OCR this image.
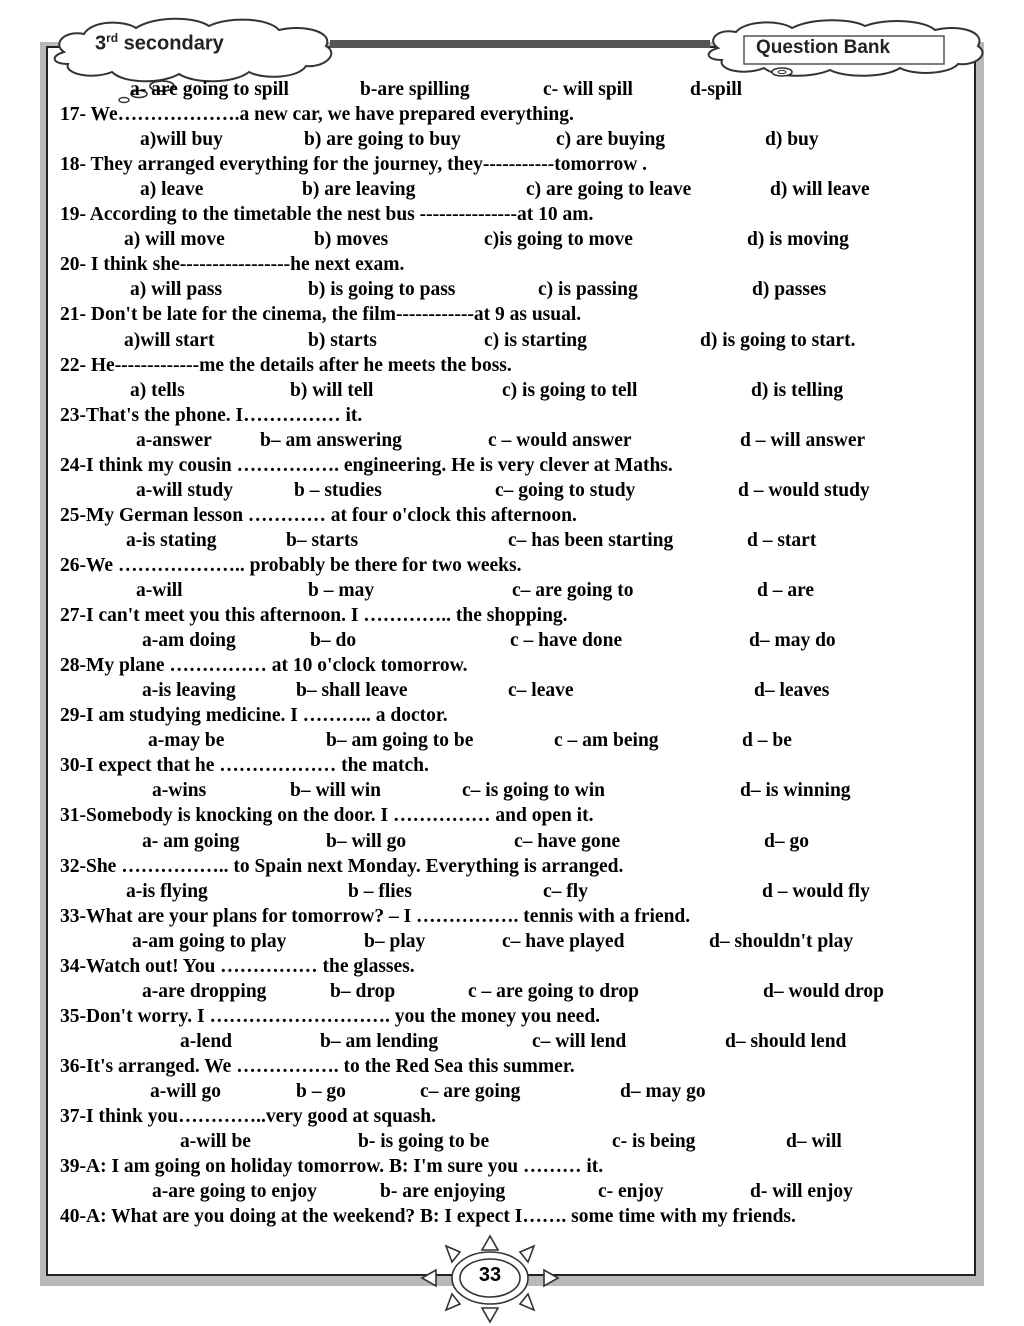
3rd secondary	Question Bank
a- are going to spill	b-are spilling	c- will spill	d-spill
17- We……………….a new car, we have prepared everything.
a)will buy	b) are going to buy	c) are buying	d) buy
18- They arranged everything for the journey, they-----------tomorrow .
a) leave	b) are leaving	c) are going to leave	d) will leave
19- According to the timetable the nest bus ---------------at 10 am.
a) will move	b) moves	c)is going to move	d) is moving
20- I think she-----------------he next exam.
a) will pass	b) is going to pass	c) is passing	d) passes
21- Don't be late for the cinema, the film------------at 9 as usual.
a)will start	b) starts	c) is starting	d) is going to start.
22- He-------------me the details after he meets the boss.
a) tells	b) will tell	c) is going to tell	d) is telling
23-That's the phone. I…………… it.
a-answer b– am answering	c – would answer	d – will answer
24-I think my cousin ……………. engineering. He is very clever at Maths.
a-will study	b – studies	c– going to study	d – would study
25-My German lesson ………… at four o'clock this afternoon.
a-is stating	b– starts	c– has been starting	d – start
26-We ……………….. probably be there for two weeks.
a-will	b – may	c– are going to	d – are
27-I can't meet you this afternoon. I ………….. the shopping.
a-am doing	b– do	c – have done	d– may do
28-My plane …………… at 10 o'clock tomorrow.
a-is leaving	b– shall leave	c– leave	d– leaves
29-I am studying medicine. I ……….. a doctor.
a-may be	b– am going to be	c – am being	d – be
30-I expect that he ……………… the match.
a-wins	b– will win	c– is going to win	d– is winning
31-Somebody is knocking on the door. I …………… and open it.
a- am going	b– will go	c– have gone	d– go
32-She …………….. to Spain next Monday. Everything is arranged.
a-is flying	b – flies	c– fly	d – would fly
33-What are your plans for tomorrow? – I ……………. tennis with a friend.
a-am going to play	b– play	c– have played	d– shouldn't play
34-Watch out! You …………… the glasses.
a-are dropping	b– drop	c – are going to drop	d– would drop
35-Don't worry. I ………………………. you the money you need.
a-lend	b– am lending	c– will lend	d– should lend
36-It's arranged. We ……………. to the Red Sea this summer.
a-will go	b – go	c– are going	d– may go
37-I think you…………..very good at squash.
a-will be	b- is going to be	c- is being	d– will
39-A: I am going on holiday tomorrow. B: I'm sure you ……… it.
a-are going to enjoy	b- are enjoying	c- enjoy	d- will enjoy
40-A: What are you doing at the weekend? B: I expect I……. some time with my friends.
33
